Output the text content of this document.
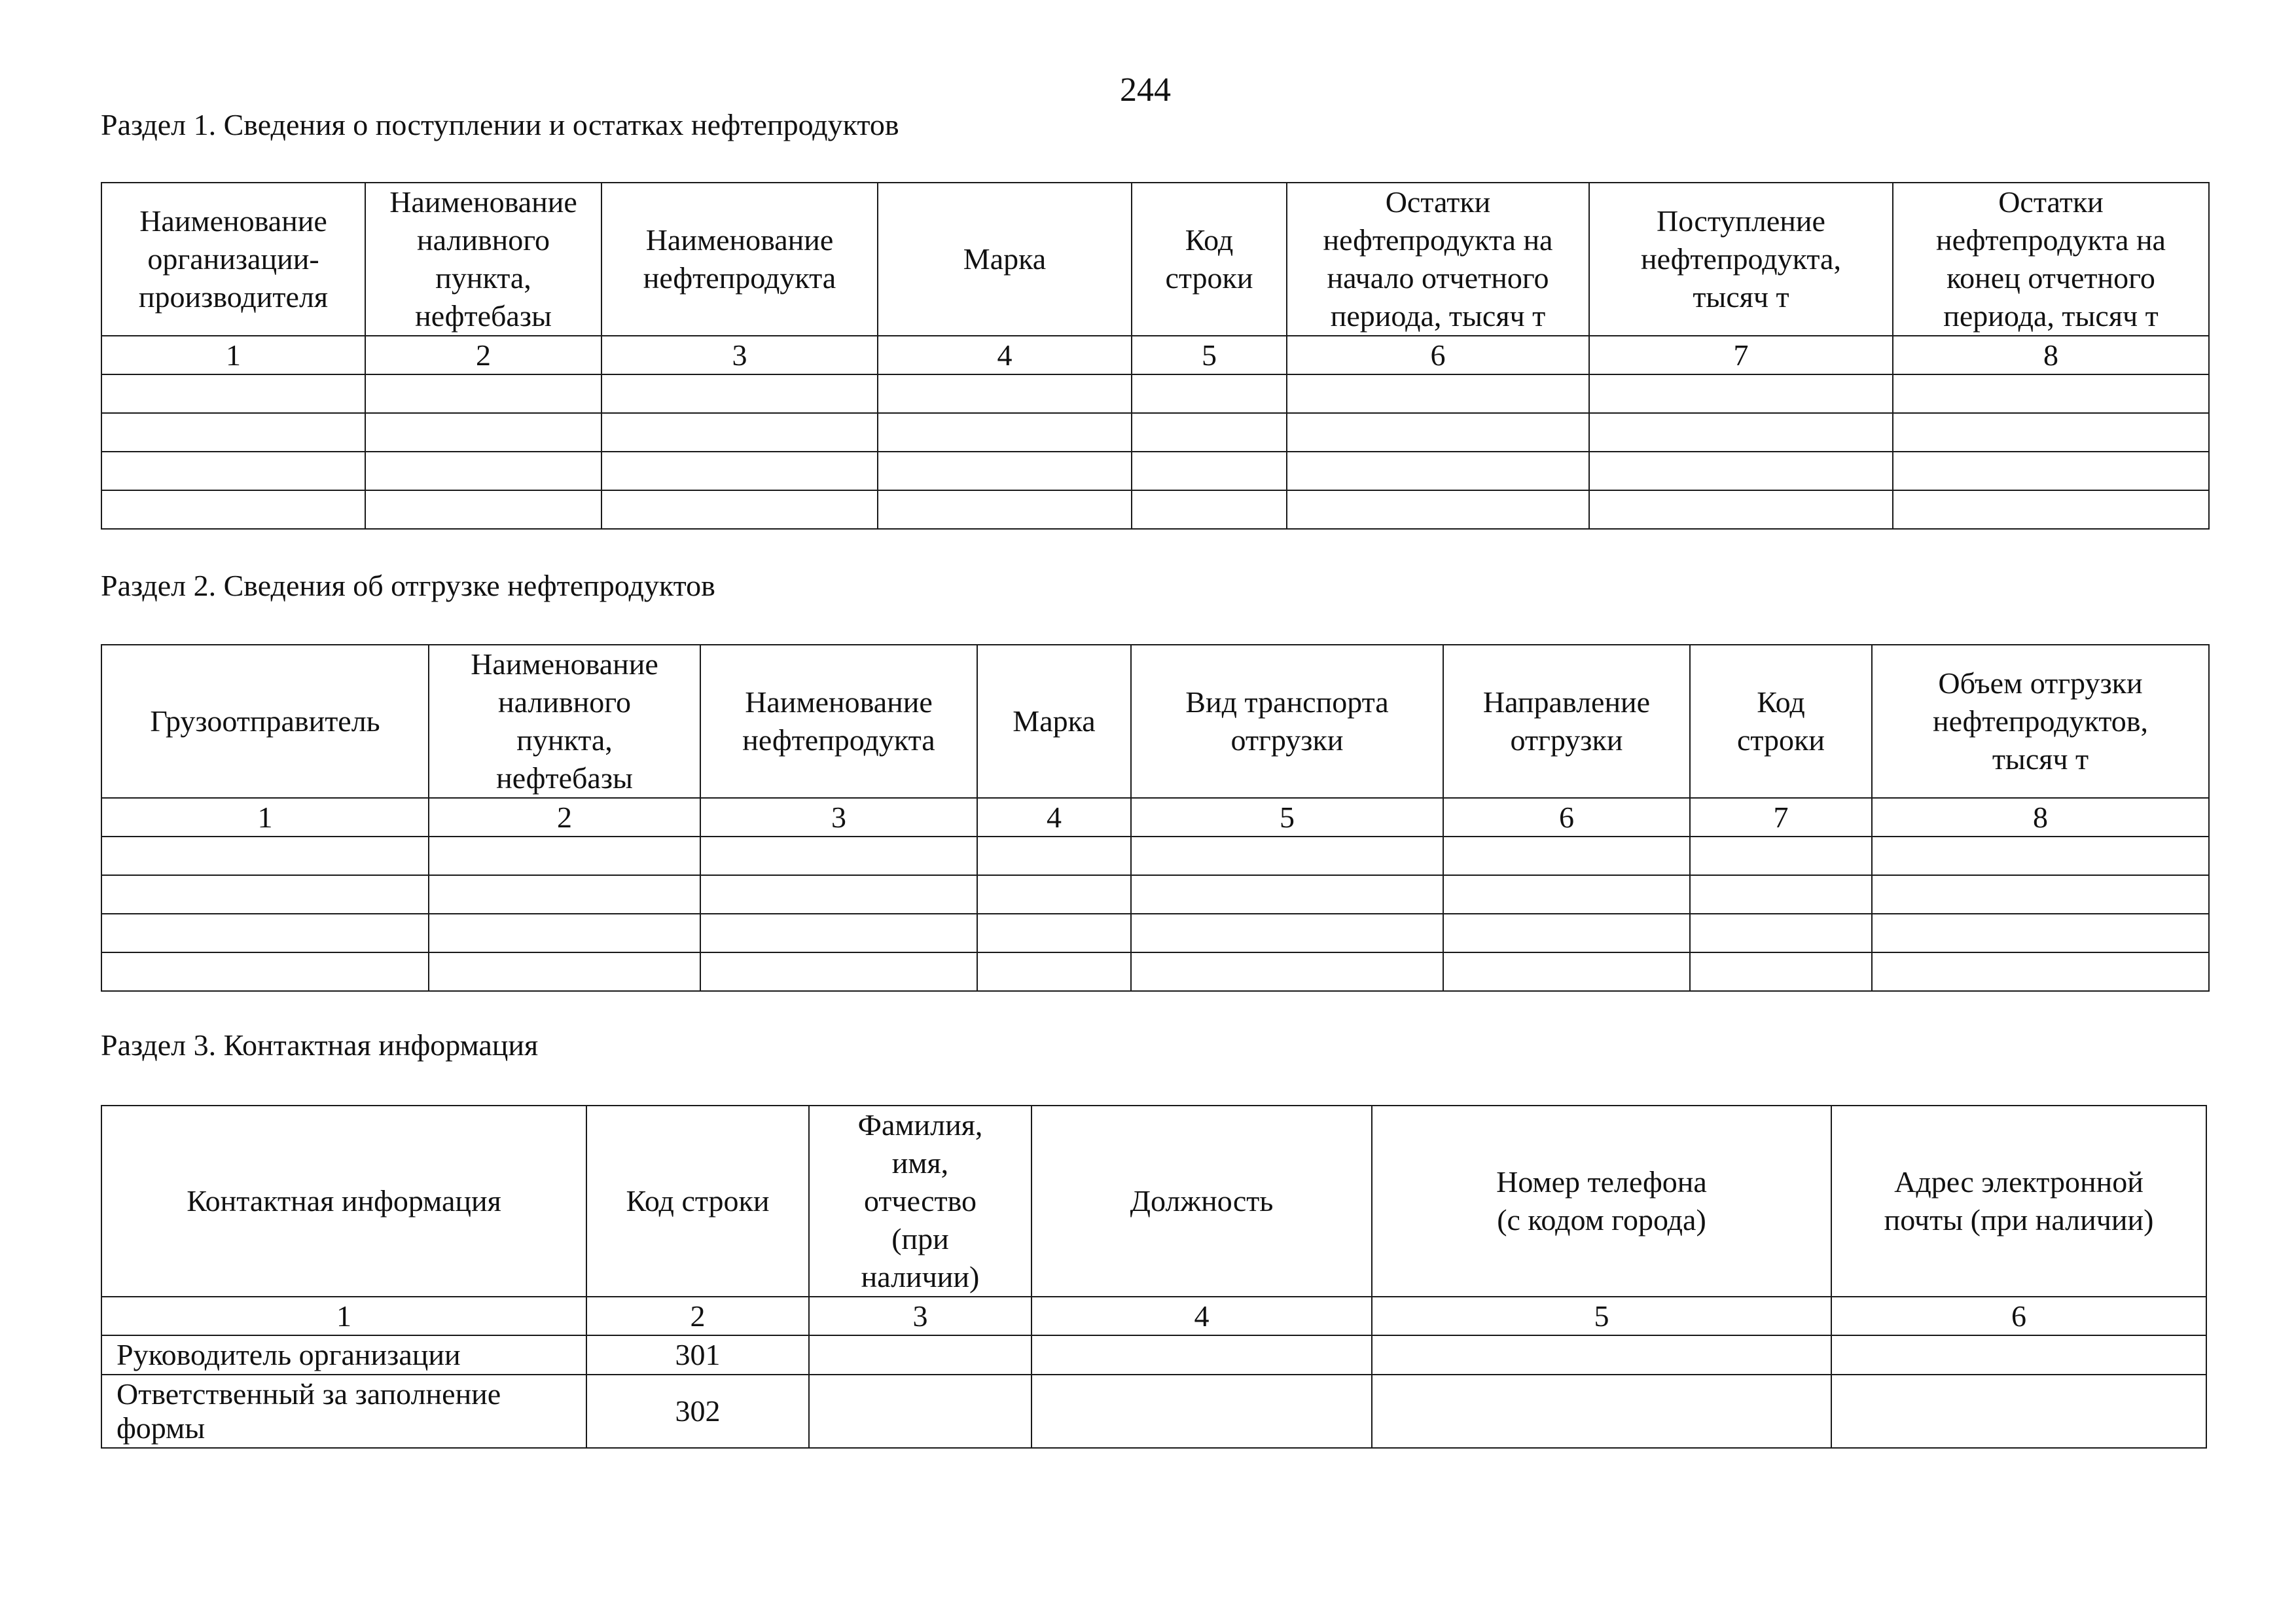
244
Раздел 1. Сведения о поступлении и остатках нефтепродуктов
Наименование
организации-
производителя	Наименование
наливного
пункта,
нефтебазы	Наименование
нефтепродукта	Марка	Код
строки	Остатки
нефтепродукта на
начало отчетного
периода, тысяч т	Поступление
нефтепродукта,
тысяч т	Остатки
нефтепродукта на
конец отчетного
периода, тысяч т
1	2	3	4	5	6	7	8

Раздел 2. Сведения об отгрузке нефтепродуктов
Грузоотправитель	Наименование
наливного
пункта,
нефтебазы	Наименование
нефтепродукта	Марка	Вид транспорта
отгрузки	Направление
отгрузки	Код
строки	Объем отгрузки
нефтепродуктов,
тысяч т
1	2	3	4	5	6	7	8

Раздел 3. Контактная информация
Контактная информация	Код строки	Фамилия,
имя,
отчество
(при
наличии)	Должность	Номер телефона
(с кодом города)	Адрес электронной
почты (при наличии)
1	2	3	4	5	6
Руководитель организации	301				
Ответственный за заполнение формы	302				
